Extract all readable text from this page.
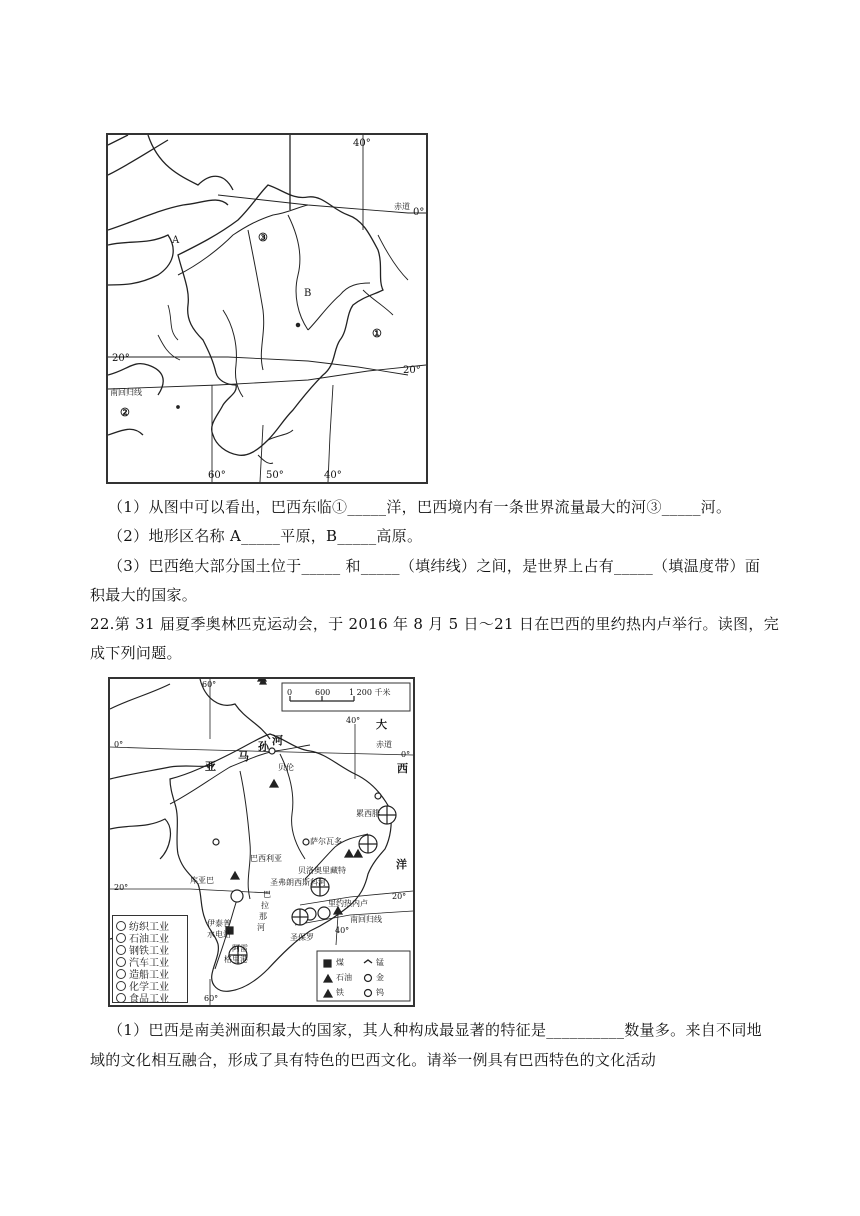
40°
赤道
0°
A	③
B
①
20°
20°
南回归线
②
60°	50°	40°
（1）从图中可以看出，巴西东临①_____洋，巴西境内有一条世界流量最大的河③_____河。
（2）地形区名称 A_____平原，B_____高原。
（3）巴西绝大部分国土位于_____ 和_____（填纬线）之间，是世界上占有_____（填温度带）面
积最大的国家。
22.第 31 届夏季奥林匹克运动会，于 2016 年 8 月 5 日～21 日在巴西的里约热内卢举行。读图，完
成下列问题。
0	600 1 200 千米
60°
40° 大
赤道
0°
0°
亚
马
孙 河
贝伦	西
累西腓
萨尔瓦多
巴西利亚
贝洛奥里藏特	洋
圣弗朗西斯科河
库亚巴
20°
巴
拉
那
河
里约热内卢
20°
南回归线
伊泰普
水电站	圣保罗
40°
阿雷
格里港
60°
纺织工业
石油工业
钢铁工业
汽车工业
造船工业
化学工业
食品工业
煤	锰
石油	金
铁	钨
（1）巴西是南美洲面积最大的国家，其人种构成最显著的特征是__________数量多。来自不同地
域的文化相互融合，形成了具有特色的巴西文化。请举一例具有巴西特色的文化活动
